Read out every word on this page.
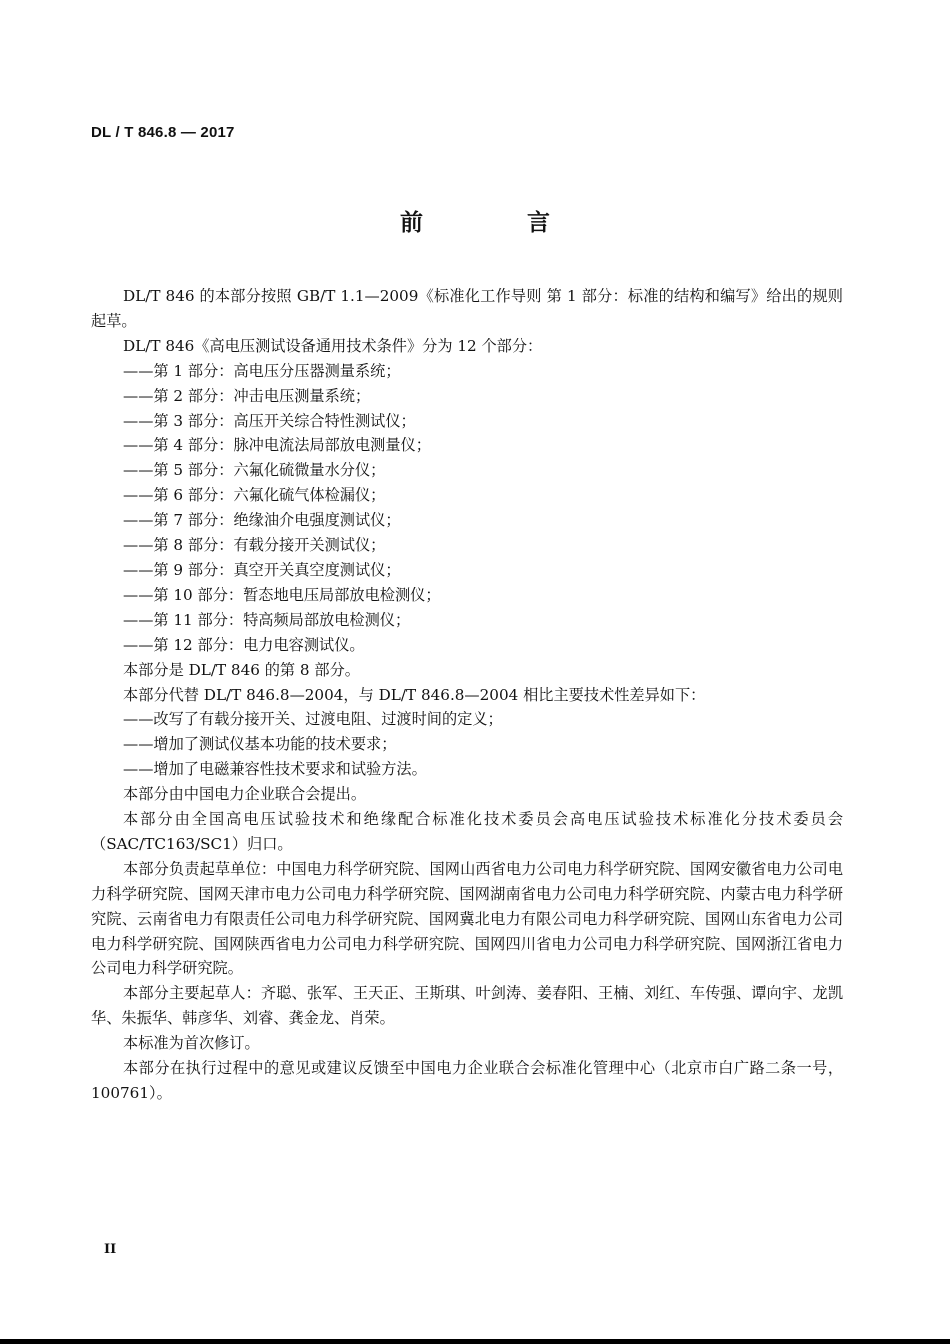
DL / T 846.8 — 2017
前 言

DL/T 846 的本部分按照 GB/T 1.1—2009《标准化工作导则 第 1 部分：标准的结构和编写》给出的规则起草。

DL/T 846《高电压测试设备通用技术条件》分为 12 个部分：

——第 1 部分：高电压分压器测量系统；

——第 2 部分：冲击电压测量系统；

——第 3 部分：高压开关综合特性测试仪；

——第 4 部分：脉冲电流法局部放电测量仪；

——第 5 部分：六氟化硫微量水分仪；

——第 6 部分：六氟化硫气体检漏仪；

——第 7 部分：绝缘油介电强度测试仪；

——第 8 部分：有载分接开关测试仪；

——第 9 部分：真空开关真空度测试仪；

——第 10 部分：暂态地电压局部放电检测仪；

——第 11 部分：特高频局部放电检测仪；

——第 12 部分：电力电容测试仪。

本部分是 DL/T 846 的第 8 部分。

本部分代替 DL/T 846.8—2004，与 DL/T 846.8—2004 相比主要技术性差异如下：

——改写了有载分接开关、过渡电阻、过渡时间的定义；

——增加了测试仪基本功能的技术要求；

——增加了电磁兼容性技术要求和试验方法。

本部分由中国电力企业联合会提出。

本部分由全国高电压试验技术和绝缘配合标准化技术委员会高电压试验技术标准化分技术委员会（SAC/TC163/SC1）归口。

本部分负责起草单位：中国电力科学研究院、国网山西省电力公司电力科学研究院、国网安徽省电力公司电力科学研究院、国网天津市电力公司电力科学研究院、国网湖南省电力公司电力科学研究院、内蒙古电力科学研究院、云南省电力有限责任公司电力科学研究院、国网冀北电力有限公司电力科学研究院、国网山东省电力公司电力科学研究院、国网陕西省电力公司电力科学研究院、国网四川省电力公司电力科学研究院、国网浙江省电力公司电力科学研究院。

本部分主要起草人：齐聪、张军、王天正、王斯琪、叶剑涛、姜春阳、王楠、刘红、车传强、谭向宇、龙凯华、朱振华、韩彦华、刘睿、龚金龙、肖荣。

本标准为首次修订。

本部分在执行过程中的意见或建议反馈至中国电力企业联合会标准化管理中心（北京市白广路二条一号，100761）。

II
